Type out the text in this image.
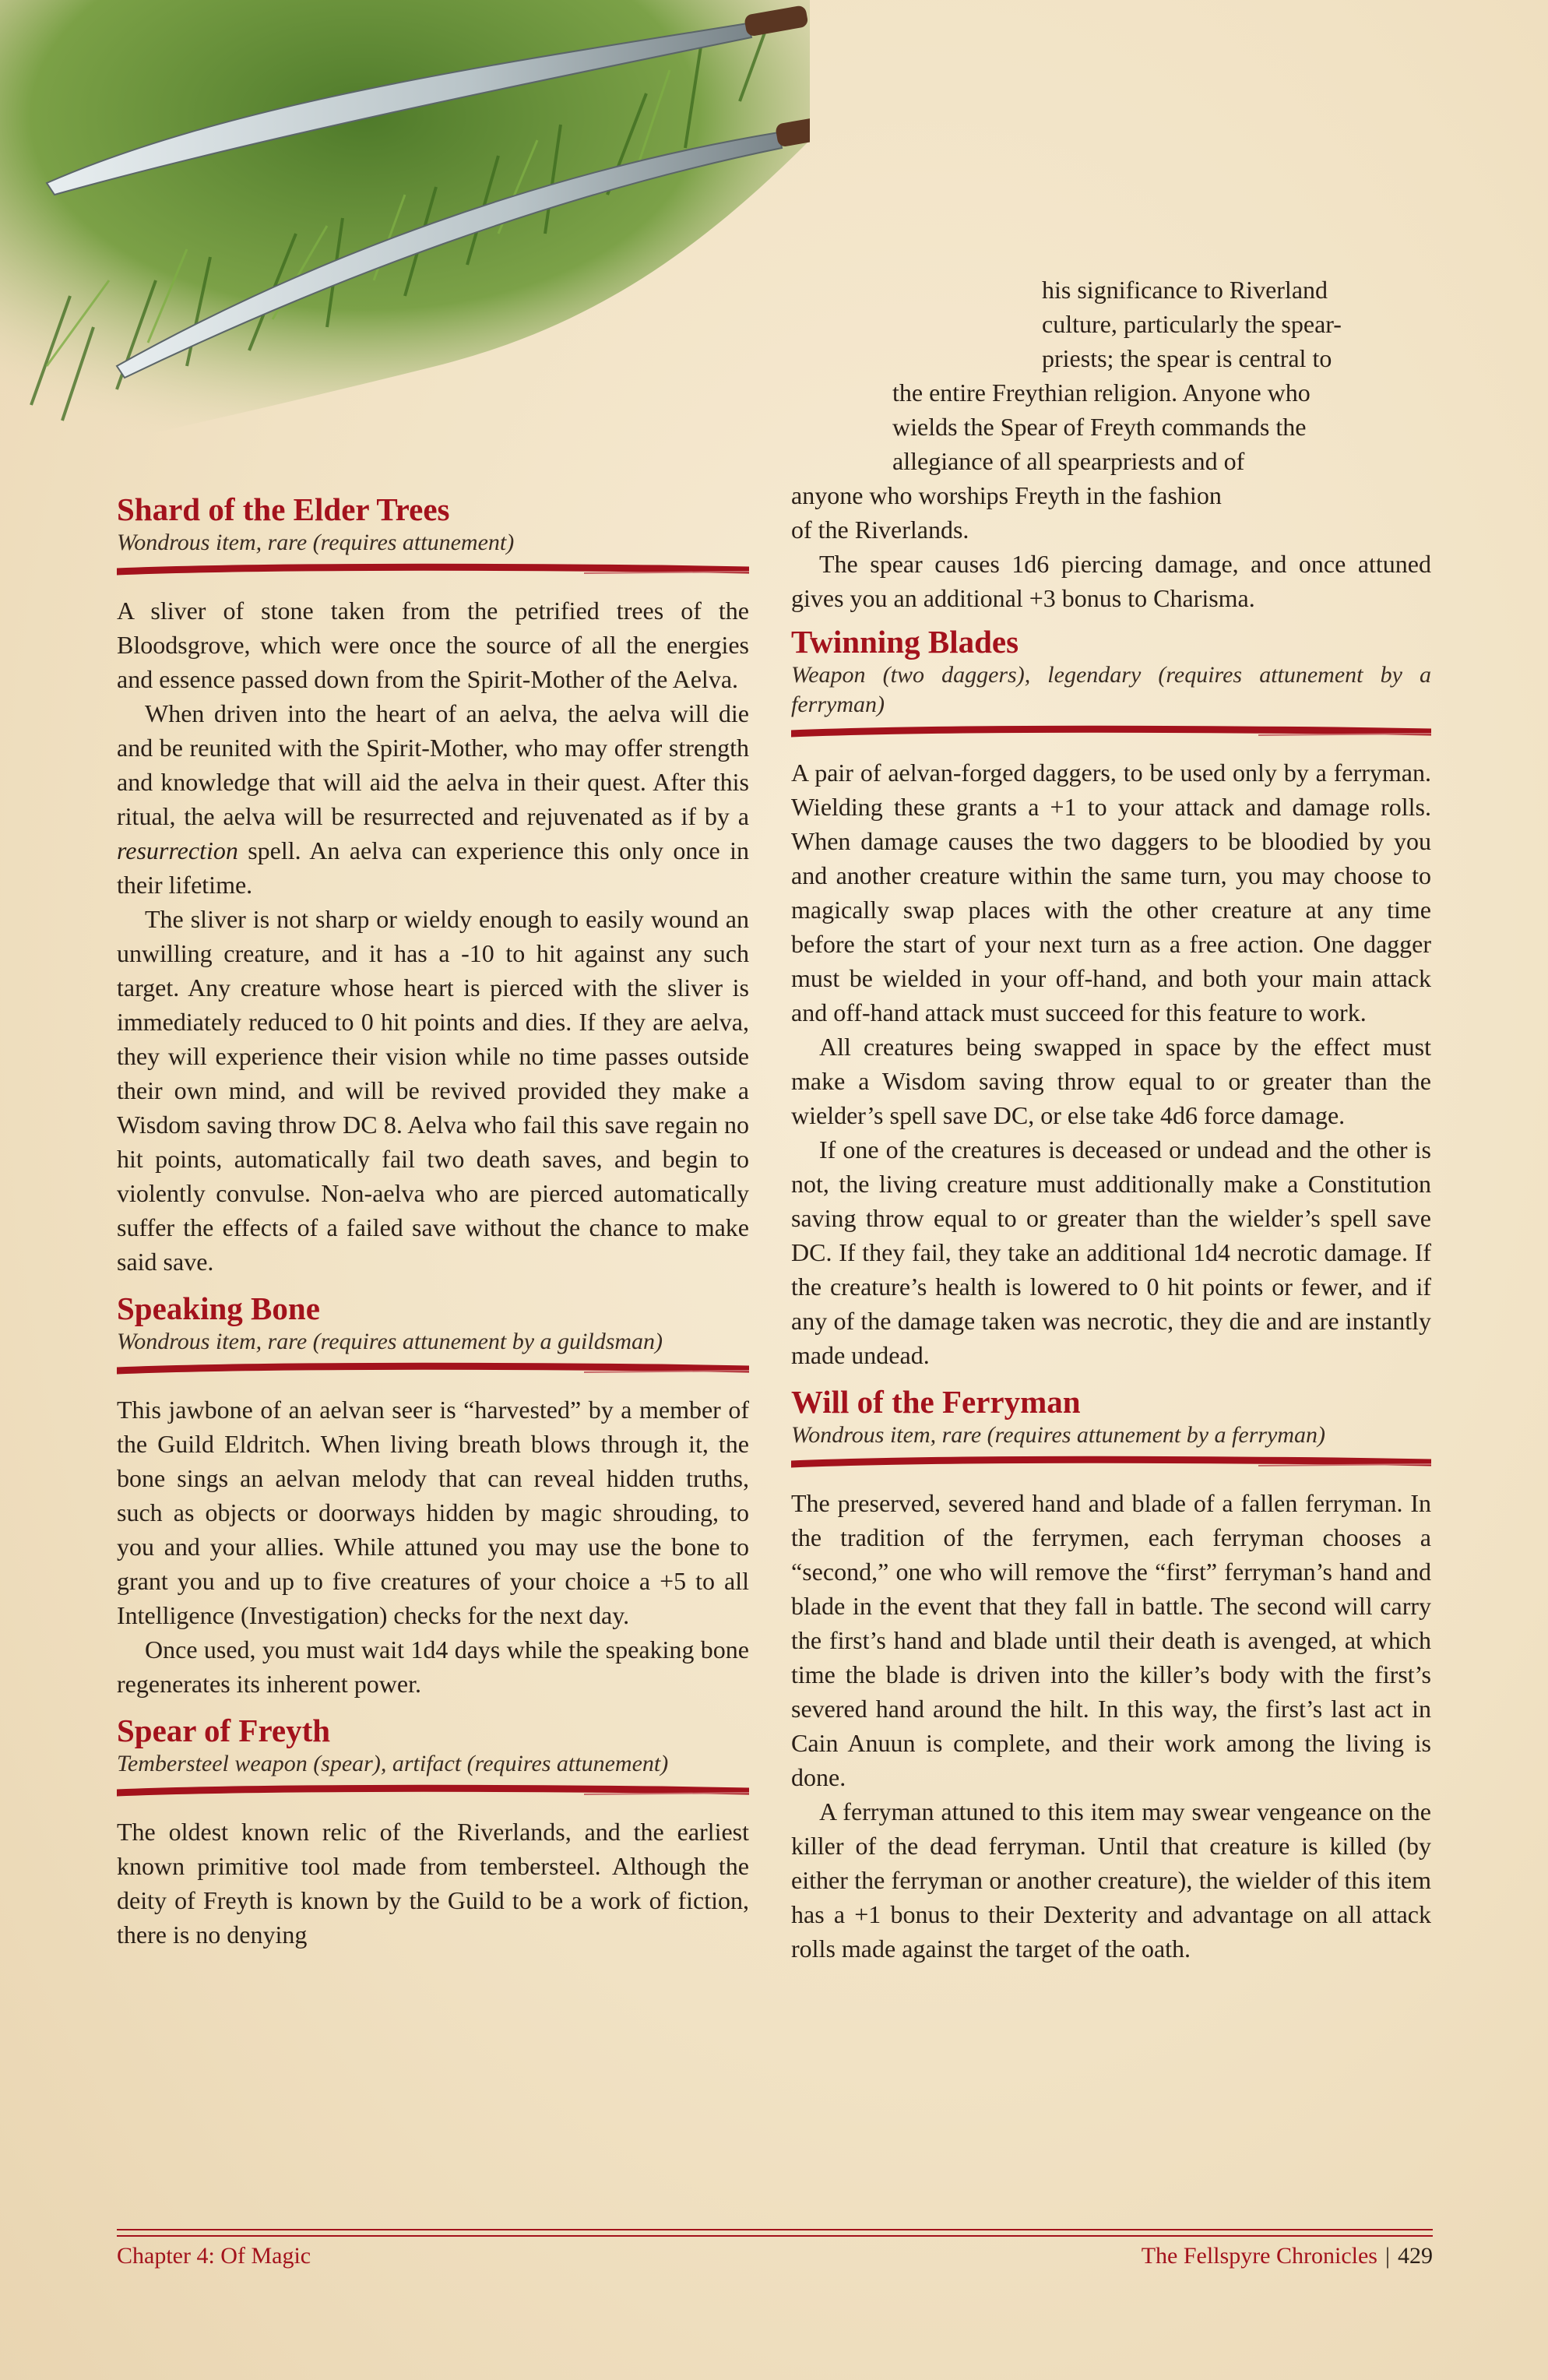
his significance to Riverland
culture, particularly the spear-
priests; the spear is central to
the entire Freythian religion. Anyone who
wields the Spear of Freyth commands the
allegiance of all spearpriests and of
anyone who worships Freyth in the fashion
of the Riverlands.

The spear causes 1d6 piercing damage, and once attuned gives you an additional +3 bonus to Charisma.

Shard of the Elder Trees
Wondrous item, rare (requires attunement)

A sliver of stone taken from the petrified trees of the Bloodsgrove, which were once the source of all the energies and essence passed down from the Spirit-Mother of the Aelva.

When driven into the heart of an aelva, the aelva will die and be reunited with the Spirit-Mother, who may offer strength and knowledge that will aid the aelva in their quest. After this ritual, the aelva will be resurrected and rejuvenated as if by a resurrection spell. An aelva can experience this only once in their lifetime.

The sliver is not sharp or wieldy enough to easily wound an unwilling creature, and it has a -10 to hit against any such target. Any creature whose heart is pierced with the sliver is immediately reduced to 0 hit points and dies. If they are aelva, they will experience their vision while no time passes outside their own mind, and will be revived provided they make a Wisdom saving throw DC 8. Aelva who fail this save regain no hit points, automatically fail two death saves, and begin to violently convulse. Non-aelva who are pierced automatically suffer the effects of a failed save without the chance to make said save.

Speaking Bone
Wondrous item, rare (requires attunement by a guildsman)

This jawbone of an aelvan seer is “harvested” by a member of the Guild Eldritch. When living breath blows through it, the bone sings an aelvan melody that can reveal hidden truths, such as objects or doorways hidden by magic shrouding, to you and your allies. While attuned you may use the bone to grant you and up to five creatures of your choice a +5 to all Intelligence (Investigation) checks for the next day.

Once used, you must wait 1d4 days while the speaking bone regenerates its inherent power.

Spear of Freyth
Tembersteel weapon (spear), artifact (requires attunement)

The oldest known relic of the Riverlands, and the earliest known primitive tool made from tembersteel. Although the deity of Freyth is known by the Guild to be a work of fiction, there is no denying

Twinning Blades
Weapon (two daggers), legendary (requires attunement by a ferryman)

A pair of aelvan-forged daggers, to be used only by a ferryman. Wielding these grants a +1 to your attack and damage rolls. When damage causes the two daggers to be bloodied by you and another creature within the same turn, you may choose to magically swap places with the other creature at any time before the start of your next turn as a free action. One dagger must be wielded in your off-hand, and both your main attack and off-hand attack must succeed for this feature to work.

All creatures being swapped in space by the effect must make a Wisdom saving throw equal to or greater than the wielder’s spell save DC, or else take 4d6 force damage.

If one of the creatures is deceased or undead and the other is not, the living creature must additionally make a Constitution saving throw equal to or greater than the wielder’s spell save DC. If they fail, they take an additional 1d4 necrotic damage. If the creature’s health is lowered to 0 hit points or fewer, and if any of the damage taken was necrotic, they die and are instantly made undead.

Will of the Ferryman
Wondrous item, rare (requires attunement by a ferryman)

The preserved, severed hand and blade of a fallen ferryman. In the tradition of the ferrymen, each ferryman chooses a “second,” one who will remove the “first” ferryman’s hand and blade in the event that they fall in battle. The second will carry the first’s hand and blade until their death is avenged, at which time the blade is driven into the killer’s body with the first’s severed hand around the hilt. In this way, the first’s last act in Cain Anuun is complete, and their work among the living is done.

A ferryman attuned to this item may swear vengeance on the killer of the dead ferryman. Until that creature is killed (by either the ferryman or another creature), the wielder of this item has a +1 bonus to their Dexterity and advantage on all attack rolls made against the target of the oath.

Chapter 4: Of Magic	The Fellspyre Chronicles | 429
